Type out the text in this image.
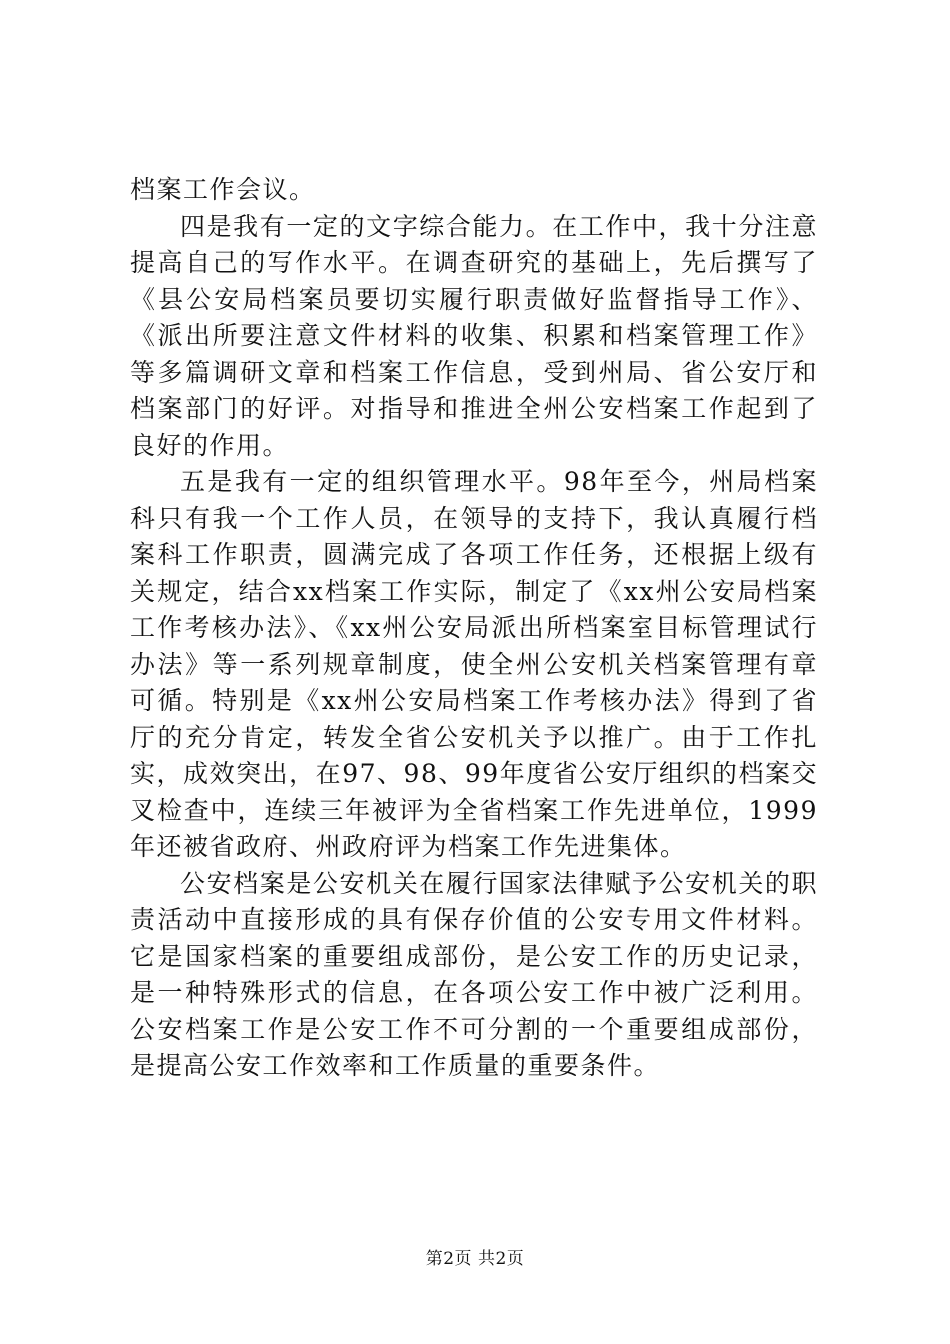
档案工作会议。

四是我有一定的文字综合能力。在工作中，我十分注意提高自己的写作水平。在调查研究的基础上，先后撰写了《县公安局档案员要切实履行职责做好监督指导工作》、《派出所要注意文件材料的收集、积累和档案管理工作》等多篇调研文章和档案工作信息，受到州局、省公安厅和档案部门的好评。对指导和推进全州公安档案工作起到了良好的作用。

五是我有一定的组织管理水平。98年至今，州局档案科只有我一个工作人员，在领导的支持下，我认真履行档案科工作职责，圆满完成了各项工作任务，还根据上级有关规定，结合xx档案工作实际，制定了《xx州公安局档案工作考核办法》、《xx州公安局派出所档案室目标管理试行办法》等一系列规章制度，使全州公安机关档案管理有章可循。特别是《xx州公安局档案工作考核办法》得到了省厅的充分肯定，转发全省公安机关予以推广。由于工作扎实，成效突出，在97、98、99年度省公安厅组织的档案交叉检查中，连续三年被评为全省档案工作先进单位，1999年还被省政府、州政府评为档案工作先进集体。

公安档案是公安机关在履行国家法律赋予公安机关的职责活动中直接形成的具有保存价值的公安专用文件材料。它是国家档案的重要组成部份，是公安工作的历史记录，是一种特殊形式的信息，在各项公安工作中被广泛利用。公安档案工作是公安工作不可分割的一个重要组成部份，是提高公安工作效率和工作质量的重要条件。

第2页 共2页
